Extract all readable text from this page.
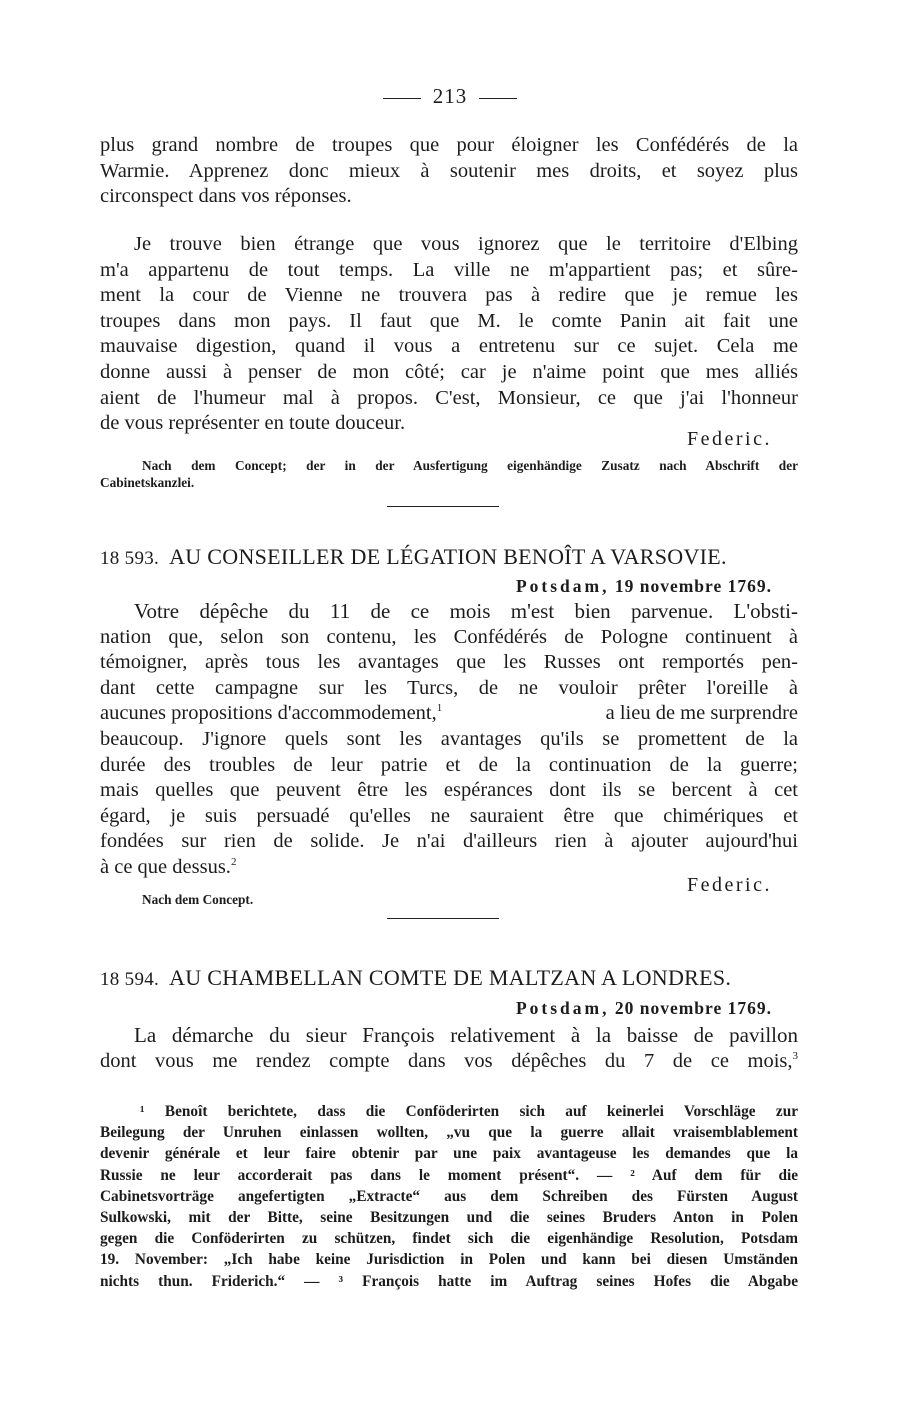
213
plus grand nombre de troupes que pour éloigner les Confédérés de la
Warmie. Apprenez donc mieux à soutenir mes droits, et soyez plus
circonspect dans vos réponses.
Je trouve bien étrange que vous ignorez que le territoire d'Elbing
m'a appartenu de tout temps. La ville ne m'appartient pas; et sûre-
ment la cour de Vienne ne trouvera pas à redire que je remue les
troupes dans mon pays. Il faut que M. le comte Panin ait fait une
mauvaise digestion, quand il vous a entretenu sur ce sujet. Cela me
donne aussi à penser de mon côté; car je n'aime point que mes alliés
aient de l'humeur mal à propos. C'est, Monsieur, ce que j'ai l'honneur
de vous représenter en toute douceur.
Federic.
Nach dem Concept; der in der Ausfertigung eigenhändige Zusatz nach Abschrift der
Cabinetskanzlei.
18 593. AU CONSEILLER DE LÉGATION BENOÎT A VARSOVIE.
Potsdam, 19 novembre 1769.
Votre dépêche du 11 de ce mois m'est bien parvenue. L'obsti-
nation que, selon son contenu, les Confédérés de Pologne continuent à
témoigner, après tous les avantages que les Russes ont remportés pen-
dant cette campagne sur les Turcs, de ne vouloir prêter l'oreille à
aucunes propositions d'accommodement,$^1$	a lieu de me surprendre
beaucoup. J'ignore quels sont les avantages qu'ils se promettent de la
durée des troubles de leur patrie et de la continuation de la guerre;
mais quelles que peuvent être les espérances dont ils se bercent à cet
égard, je suis persuadé qu'elles ne sauraient être que chimériques et
fondées sur rien de solide. Je n'ai d'ailleurs rien à ajouter aujourd'hui
à ce que dessus.$^2$
Federic.
Nach dem Concept.
18 594. AU CHAMBELLAN COMTE DE MALTZAN A LONDRES.
Potsdam, 20 novembre 1769.
La démarche du sieur François relativement à la baisse de pavillon
dont vous me rendez compte dans vos dépêches du 7 de ce mois,$^3$
¹ Benoît berichtete, dass die Conföderirten sich auf keinerlei Vorschläge zur
Beilegung der Unruhen einlassen wollten, „vu que la guerre allait vraisemblablement
devenir générale et leur faire obtenir par une paix avantageuse les demandes que la
Russie ne leur accorderait pas dans le moment présent“. — ² Auf dem für die
Cabinetsvorträge angefertigten „Extracte“ aus dem Schreiben des Fürsten August
Sulkowski, mit der Bitte, seine Besitzungen und die seines Bruders Anton in Polen
gegen die Conföderirten zu schützen, findet sich die eigenhändige Resolution, Potsdam
19. November: „Ich habe keine Jurisdiction in Polen und kann bei diesen Umständen
nichts thun. Friderich.“ — ³ François hatte im Auftrag seines Hofes die Abgabe
